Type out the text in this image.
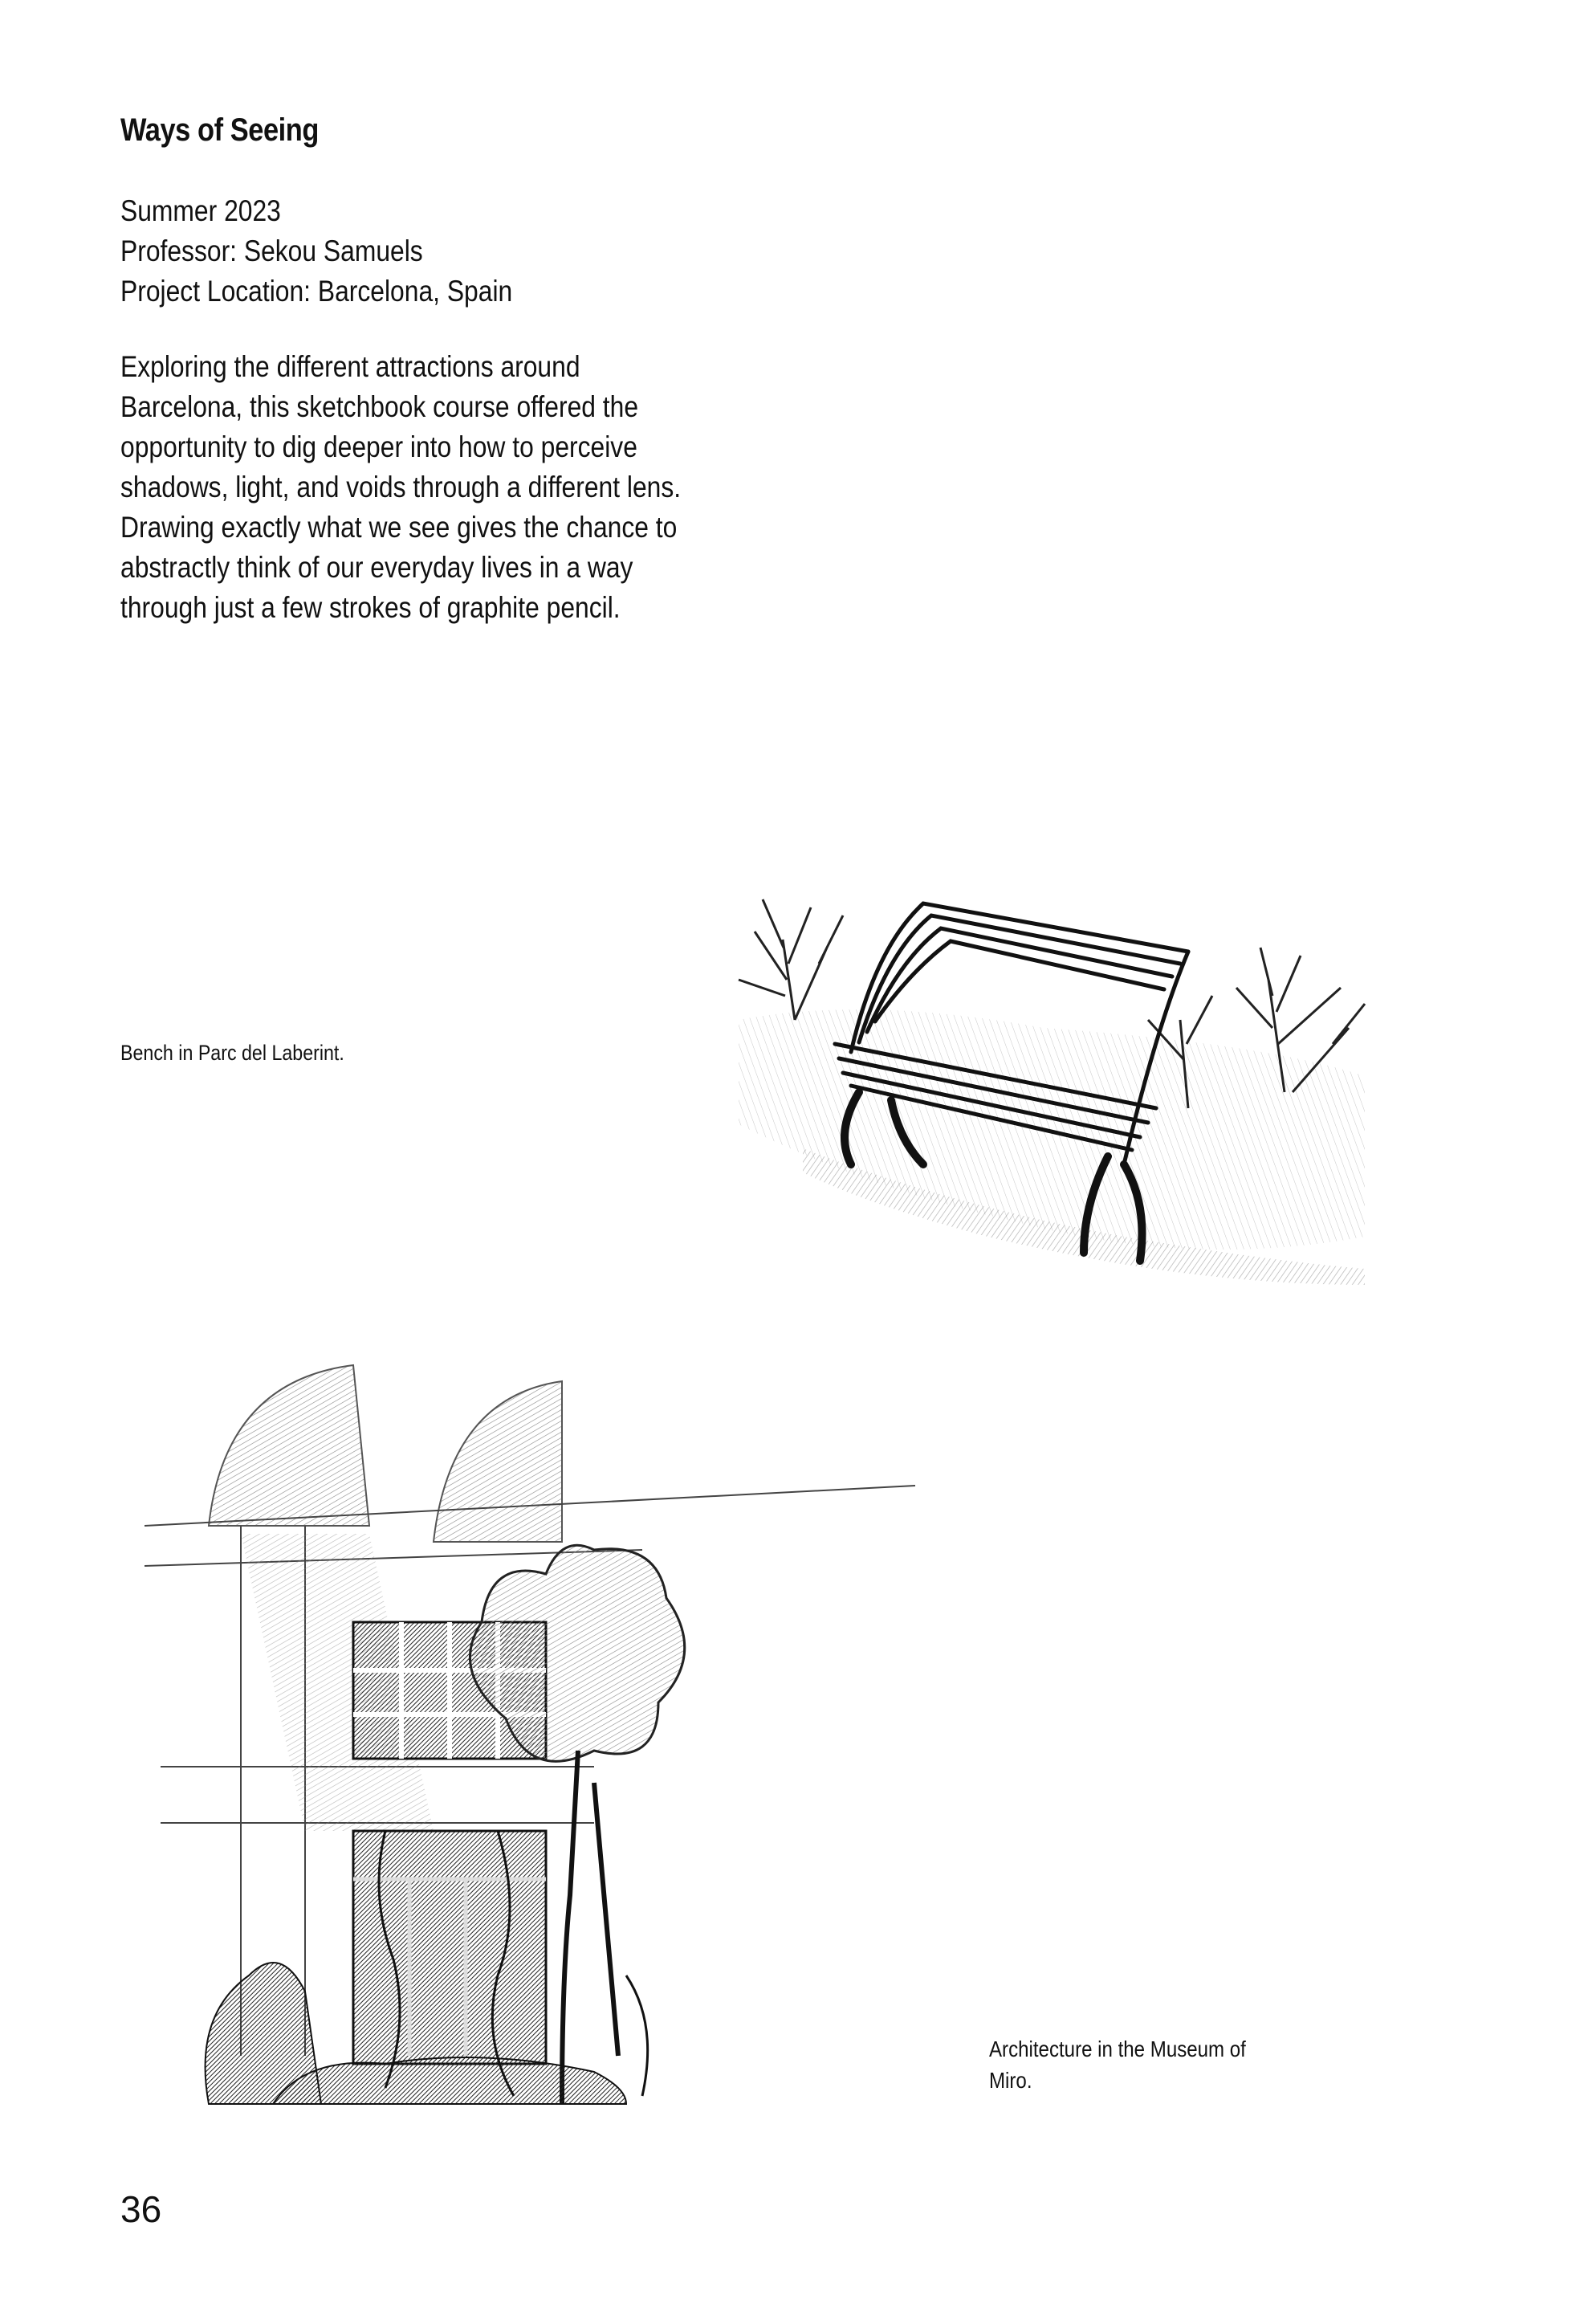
Ways of Seeing
Summer 2023
Professor: Sekou Samuels
Project Location: Barcelona, Spain
Exploring the different attractions around Barcelona, this sketchbook course offered the opportunity to dig deeper into how to perceive shadows, light, and voids through a different lens. Drawing exactly what we see gives the chance to abstractly think of our everyday lives in a way through just a few strokes of graphite pencil.
Bench in Parc del Laberint.
Architecture in the Museum of Miro.
36
